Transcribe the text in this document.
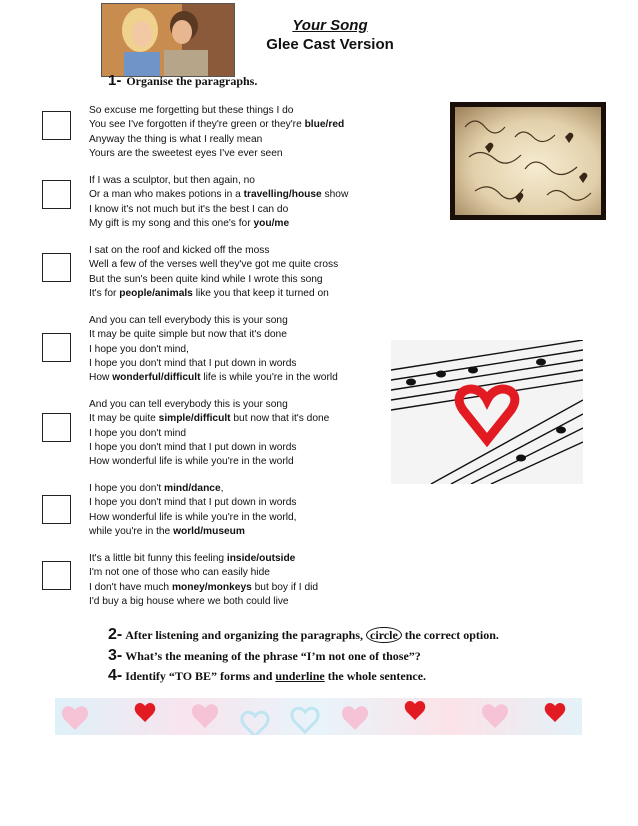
Your Song
Glee Cast Version
1- Organise the paragraphs.
So excuse me forgetting but these things I do
You see I've forgotten if they're green or they're blue/red
Anyway the thing is what I really mean
Yours are the sweetest eyes I've ever seen
If I was a sculptor, but then again, no
Or a man who makes potions in a travelling/house show
I know it's not much but it's the best I can do
My gift is my song and this one's for you/me
I sat on the roof and kicked off the moss
Well a few of the verses well they've got me quite cross
But the sun's been quite kind while I wrote this song
It's for people/animals like you that keep it turned on
And you can tell everybody this is your song
It may be quite simple but now that it's done
I hope you don't mind,
I hope you don't mind that I put down in words
How wonderful/difficult life is while you're in the world
And you can tell everybody this is your song
It may be quite simple/difficult but now that it's done
I hope you don't mind
I hope you don't mind that I put down in words
How wonderful life is while you're in the world
I hope you don't mind/dance,
I hope you don't mind that I put down in words
How wonderful life is while you're in the world,
while you're in the world/museum
It's a little bit funny this feeling inside/outside
I'm not one of those who can easily hide
I don't have much money/monkeys but boy if I did
I'd buy a big house where we both could live
2- After listening and organizing the paragraphs, circle the correct option.
3- What’s the meaning of the phrase “I’m not one of those”?
4- Identify “TO BE” forms and underline the whole sentence.
